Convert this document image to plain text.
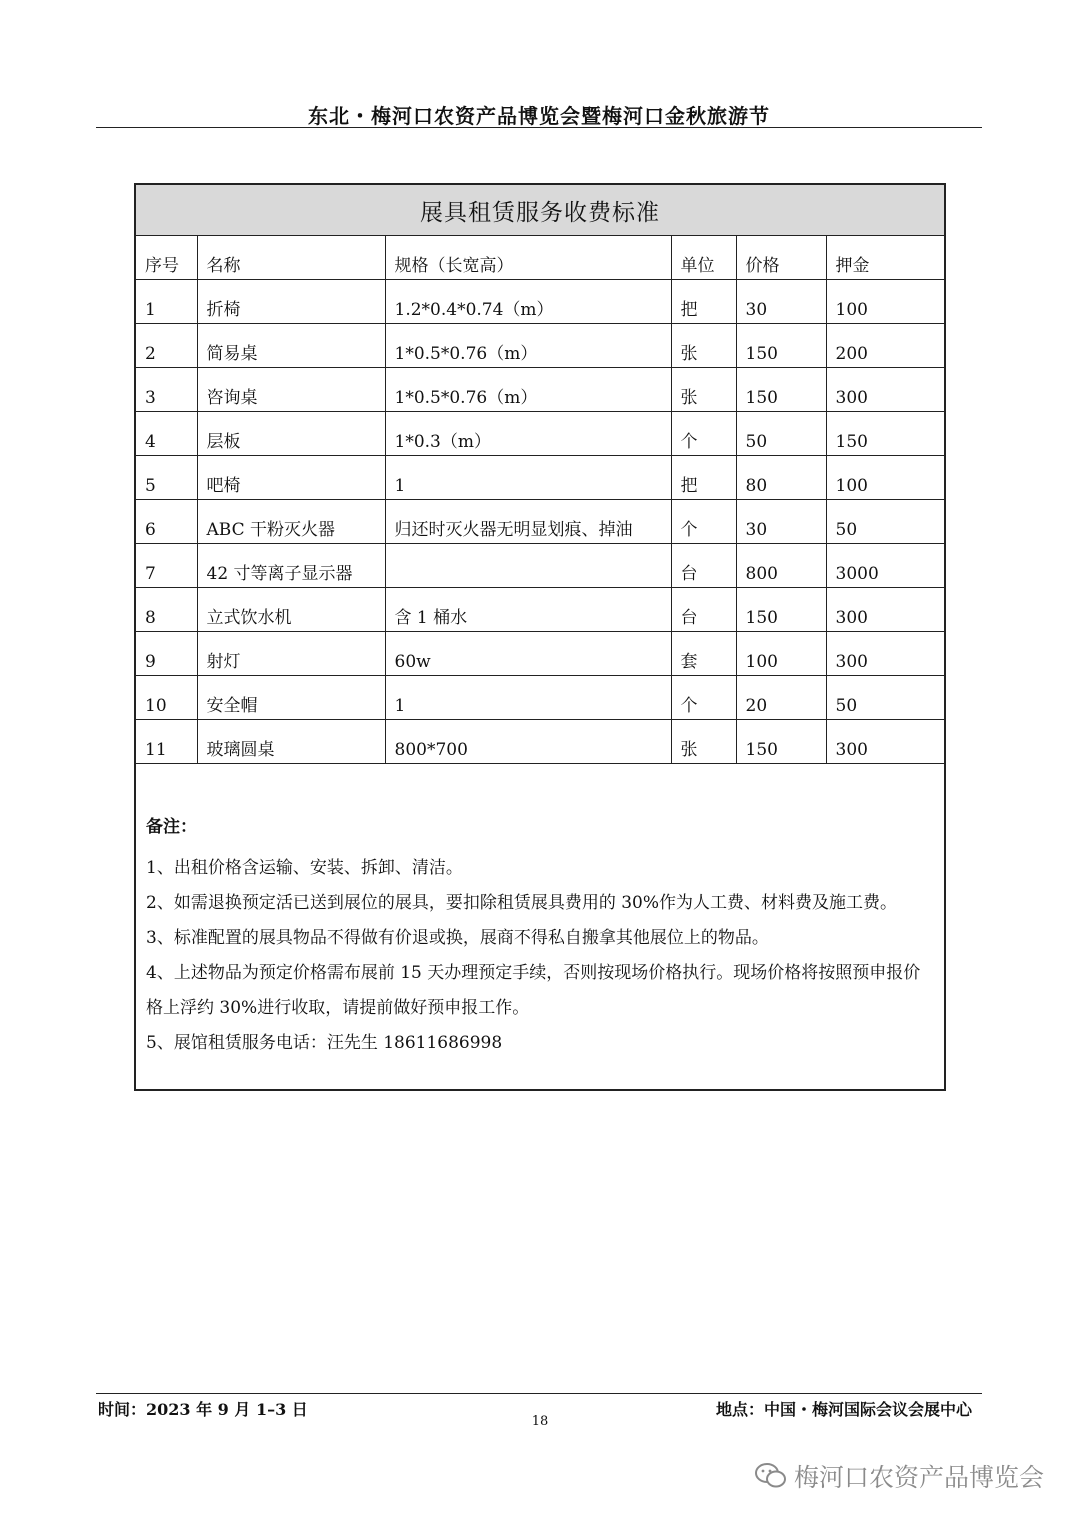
东北・梅河口农资产品博览会暨梅河口金秋旅游节
展具租赁服务收费标准
序号	名称	规格（长宽高）	单位	价格	押金
1	折椅	1.2*0.4*0.74（m）	把	30	100
2	简易桌	1*0.5*0.76（m）	张	150	200
3	咨询桌	1*0.5*0.76（m）	张	150	300
4	层板	1*0.3（m）	个	50	150
5	吧椅	1	把	80	100
6	ABC 干粉灭火器	归还时灭火器无明显划痕、掉油	个	30	50
7	42 寸等离子显示器		台	800	3000
8	立式饮水机	含 1 桶水	台	150	300
9	射灯	60w	套	100	300
10	安全帽	1	个	20	50
11	玻璃圆桌	800*700	张	150	300
备注：
1、出租价格含运输、安装、拆卸、清洁。
2、如需退换预定活已送到展位的展具，要扣除租赁展具费用的 30%作为人工费、材料费及施工费。
3、标准配置的展具物品不得做有价退或换，展商不得私自搬拿其他展位上的物品。
4、上述物品为预定价格需布展前 15 天办理预定手续，否则按现场价格执行。现场价格将按照预申报价格上浮约 30%进行收取，请提前做好预申报工作。
5、展馆租赁服务电话：汪先生 18611686998
时间：2023 年 9 月 1–3 日	地点：中国・梅河国际会议会展中心
18
梅河口农资产品博览会
